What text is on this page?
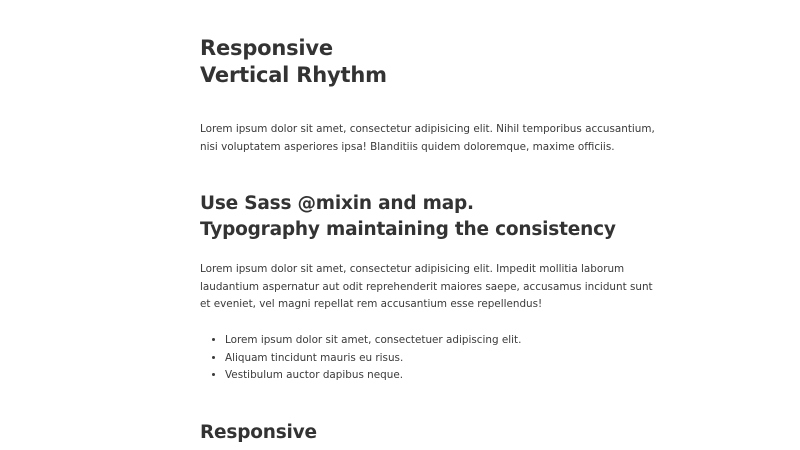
Responsive
Vertical Rhythm

Lorem ipsum dolor sit amet, consectetur adipisicing elit. Nihil temporibus accusantium,
nisi voluptatem asperiores ipsa! Blanditiis quidem doloremque, maxime officiis.

Use Sass @mixin and map.
Typography maintaining the consistency

Lorem ipsum dolor sit amet, consectetur adipisicing elit. Impedit mollitia laborum
laudantium aspernatur aut odit reprehenderit maiores saepe, accusamus incidunt sunt
et eveniet, vel magni repellat rem accusantium esse repellendus!

• Lorem ipsum dolor sit amet, consectetuer adipiscing elit.
• Aliquam tincidunt mauris eu risus.
• Vestibulum auctor dapibus neque.
Responsive
